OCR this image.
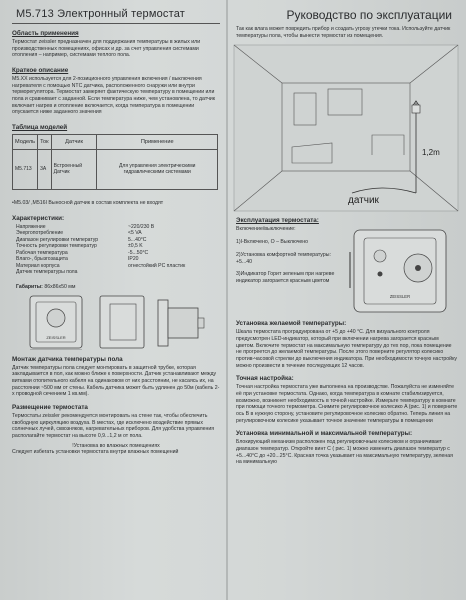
M5.713 Электронный термостат
Область применения
Термостат zeissler предназначен для поддержания температуры в жилых или производственных помещениях, офисах и др. за счет управления системами отопления – например, системами теплого пола.
Краткое описание
M5.XX используется для 2-позиционного управления включения / выключения нагревателя с помощью NTC датчика, расположенного снаружи или внутри терморегулятора. Термостат замеряет фактическую температуру в помещении или пола и сравнивает с заданной. Если температура ниже, чем установлена, то датчик включает нагрев и отопление включается, когда температура в помещении опускается ниже заданного значения
Таблица моделей
Модель	Ток	Датчик	Применение
M5.713	3A	Встроенный Датчик	Для управления электрическими гидравлическими системами
•M5.03/ ,M516I Выносной датчик в состав комплекта не входят
Характеристики:
Напряжение	~220/230 В
Энергопотребление	<5 VA
Диапазон регулировки температур	5...40°C
Точность регулировки температур	±0,5 K
Рабочая температура	-5...50°C
Влаго-, брызгозащита	IP20
Материал корпуса	огнестойкий PC пластик
Датчик температуры пола
Габариты: 86x86x50 мм
ZEISSLER
Монтаж датчика температуры пола
Датчик температуры пола следует монтировать в защитной трубке, которая закладывается в пол, как можно ближе к поверхности. Датчик устанавливают между витками отопительного кабеля на одинаковом от них расстоянии, не касаясь их, на расстоянии ~500 мм от стены. Кабель датчика может быть удлинен до 50м (кабель 2-х проводной сечением 1 кв.мм).
Размещение термостата
Термостаты zeissler рекомендуется монтировать на стене так, чтобы обеспечить свободную циркуляцию воздуха. В местах, где исключено воздействие прямых солнечных лучей, сквозняков, нагревательных приборов. Для удобства управления располагайте термостат на высоте 0,9...1,2 м от пола.
!Установка во влажных помещениях
Следует избегать установки термостата внутри влажных помещений
Руководство по эксплуатации
Так как влага может повредить прибор и создать угрозу утечки тока. Используйте датчик температуры пола, чтобы вынести термостат из помещения.
1,2m
датчик
Эксплуатация термостата:
Включение/выключение:
1)I-Включено, O – Выключено
2)Установка комфортной температуры: +5...40
3)Индикатор Горит зеленым при нагреве индикатор загорается красным цветом
ZEISSLER
Установка желаемой температуры:
Шкала термостата проградуирована от +5 до +40 °C. Для визуального контроля предусмотрен LED-индикатор, который при включении нагрева загорается красным цветом. Включите термостат на максимальную температуру до тех пор, пока помещение не прогреется до желаемой температуры. После этого поверните регулятор колесико против-часовой стрелки до выключения индикатора. При необходимости точную настройку можно произвести в течение последующих 12 часов.
Точная настройка:
Точная настройка термостата уже выполнена на производстве. Пожалуйста не изменяйте её при установке термостата. Однако, когда температура в комнате стабилизируется, возможно, возникнет необходимость в точной настройке. Измерьте температуру в комнате при помощи точного термометра. Снимите регулировочное колесико A (рис. 1) и поверните ось B в нужную сторону, установите регулировочное колесико обратно. Теперь линия на регулировочном колесике указывает точное значение температуры в помещении
Установка минимальной и максимальной температуры:
Блокирующий механизм расположен под регулировочным колесиком и ограничивает диапазон температур. Откройте винт C ( рис. 1) можно изменить диапазон температур с +5...40°C до +20...25°C. Красная точка указывает на максимальную температуру, зеленая на минимальную
